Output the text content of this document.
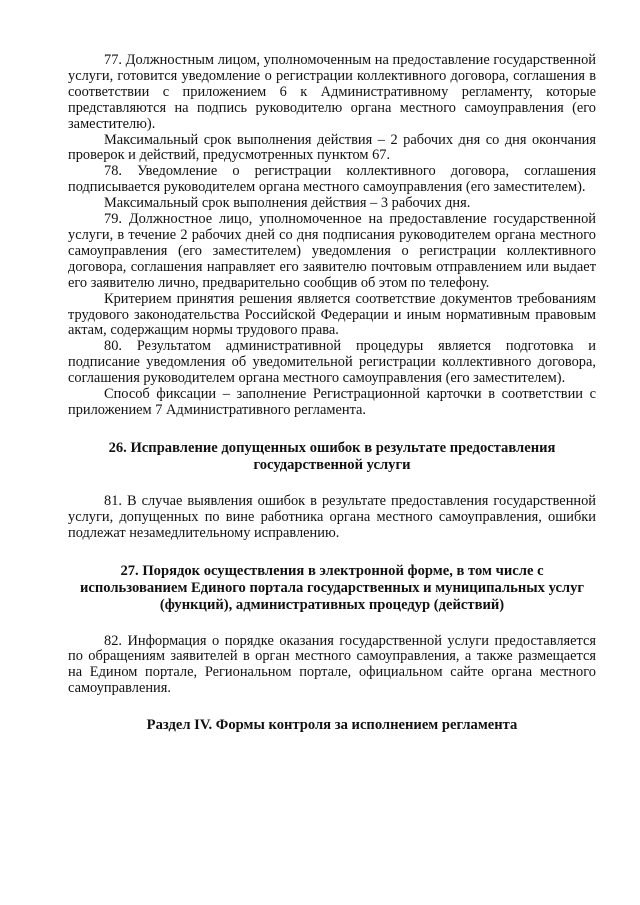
77. Должностным лицом, уполномоченным на предоставление государственной услуги, готовится уведомление о регистрации коллективного договора, соглашения в соответствии с приложением 6 к Административному регламенту, которые представляются на подпись руководителю органа местного самоуправления (его заместителю).

Максимальный срок выполнения действия – 2 рабочих дня со дня окончания проверок и действий, предусмотренных пунктом 67.

78. Уведомление о регистрации коллективного договора, соглашения подписывается руководителем органа местного самоуправления (его заместителем).

Максимальный срок выполнения действия – 3 рабочих дня.

79. Должностное лицо, уполномоченное на предоставление государственной услуги, в течение 2 рабочих дней со дня подписания руководителем органа местного самоуправления (его заместителем) уведомления о регистрации коллективного договора, соглашения направляет его заявителю почтовым отправлением или выдает его заявителю лично, предварительно сообщив об этом по телефону.

Критерием принятия решения является соответствие документов требованиям трудового законодательства Российской Федерации и иным нормативным правовым актам, содержащим нормы трудового права.

80. Результатом административной процедуры является подготовка и подписание уведомления об уведомительной регистрации коллективного договора, соглашения руководителем органа местного самоуправления (его заместителем).

Способ фиксации – заполнение Регистрационной карточки в соответствии с приложением 7 Административного регламента.

26. Исправление допущенных ошибок в результате предоставления государственной услуги

81. В случае выявления ошибок в результате предоставления государственной услуги, допущенных по вине работника органа местного самоуправления, ошибки подлежат незамедлительному исправлению.

27. Порядок осуществления в электронной форме, в том числе с использованием Единого портала государственных и муниципальных услуг (функций), административных процедур (действий)

82. Информация о порядке оказания государственной услуги предоставляется по обращениям заявителей в орган местного самоуправления, а также размещается на Едином портале, Региональном портале, официальном сайте органа местного самоуправления.

Раздел IV. Формы контроля за исполнением регламента
